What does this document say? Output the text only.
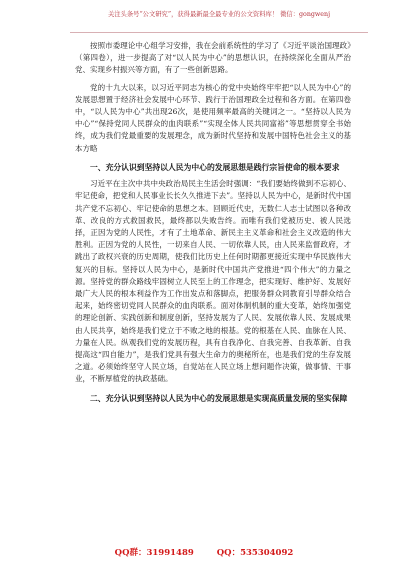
关注头条号“公文研究”，获得最新最全最专业的公文资料库！ 微信：gongwenj

按照市委理论中心组学习安排，我在会前系统性的学习了《习近平谈治国理政》（第四卷），进一步提高了对“以人民为中心”的思想认识，在持续深化全面从严治党、实现乡村振兴等方面，有了一些创新思路。

党的十九大以来，以习近平同志为核心的党中央始终牢牢把“以人民为中心”的发展思想置于经济社会发展中心环节、践行于治国理政全过程和各方面。在第四卷中，“以人民为中心”共出现26次，是使用频率最高的关键词之一。“坚持以人民为中心”“保持党同人民群众的血肉联系”“实现全体人民共同富裕”等思想贯穿全书始终，成为我们党最重要的发展理念，成为新时代坚持和发展中国特色社会主义的基本方略

一、充分认识到坚持以人民为中心的发展思想是践行宗旨使命的根本要求

习近平在主次中共中央政治局民主生活会时强调：“我们要始终做到不忘初心、牢记使命，把党和人民事业长长久久推进下去”。坚持以人民为中心，是新时代中国共产党不忘初心、牢记使命的思想之本。回顾近代史，无数仁人志士试图以各种改革、改良的方式救国救民，最终都以失败告终。而唯有我们党被历史、被人民选择，正因为党的人民性，才有了土地革命、新民主主义革命和社会主义改造的伟大胜利。正因为党的人民性，一切来自人民、一切依靠人民，由人民来监督政府，才跳出了政权兴衰的历史周期，使我们比历史上任何时期都更接近实现中华民族伟大复兴的目标。坚持以人民为中心，是新时代中国共产党推进“四个伟大”的力量之源。坚持党的群众路线牢固树立人民至上的工作理念，把实现好、维护好、发展好最广大人民的根本利益作为工作出发点和落脚点，把服务群众同教育引导群众结合起来，始终密切党同人民群众的血肉联系。面对体制机制的重大变革，始终加强党的理论创新、实践创新和制度创新，坚持发展为了人民、发展依靠人民、发展成果由人民共享，始终是我们党立于不败之地的根基。党的根基在人民、血脉在人民、力量在人民。纵观我们党的发展历程，具有自我净化、自我完善、自我革新、自我提高这“四自能力”，是我们党具有强大生命力的奥秘所在，也是我们党的生存发展之道。必须始终坚守人民立场，自觉站在人民立场上想问题作决策，做事情、干事业，不断厚植党的执政基础。

二、充分认识到坚持以人民为中心的发展思想是实现高质量发展的坚实保障

QQ群：31991489	QQ：535304092
